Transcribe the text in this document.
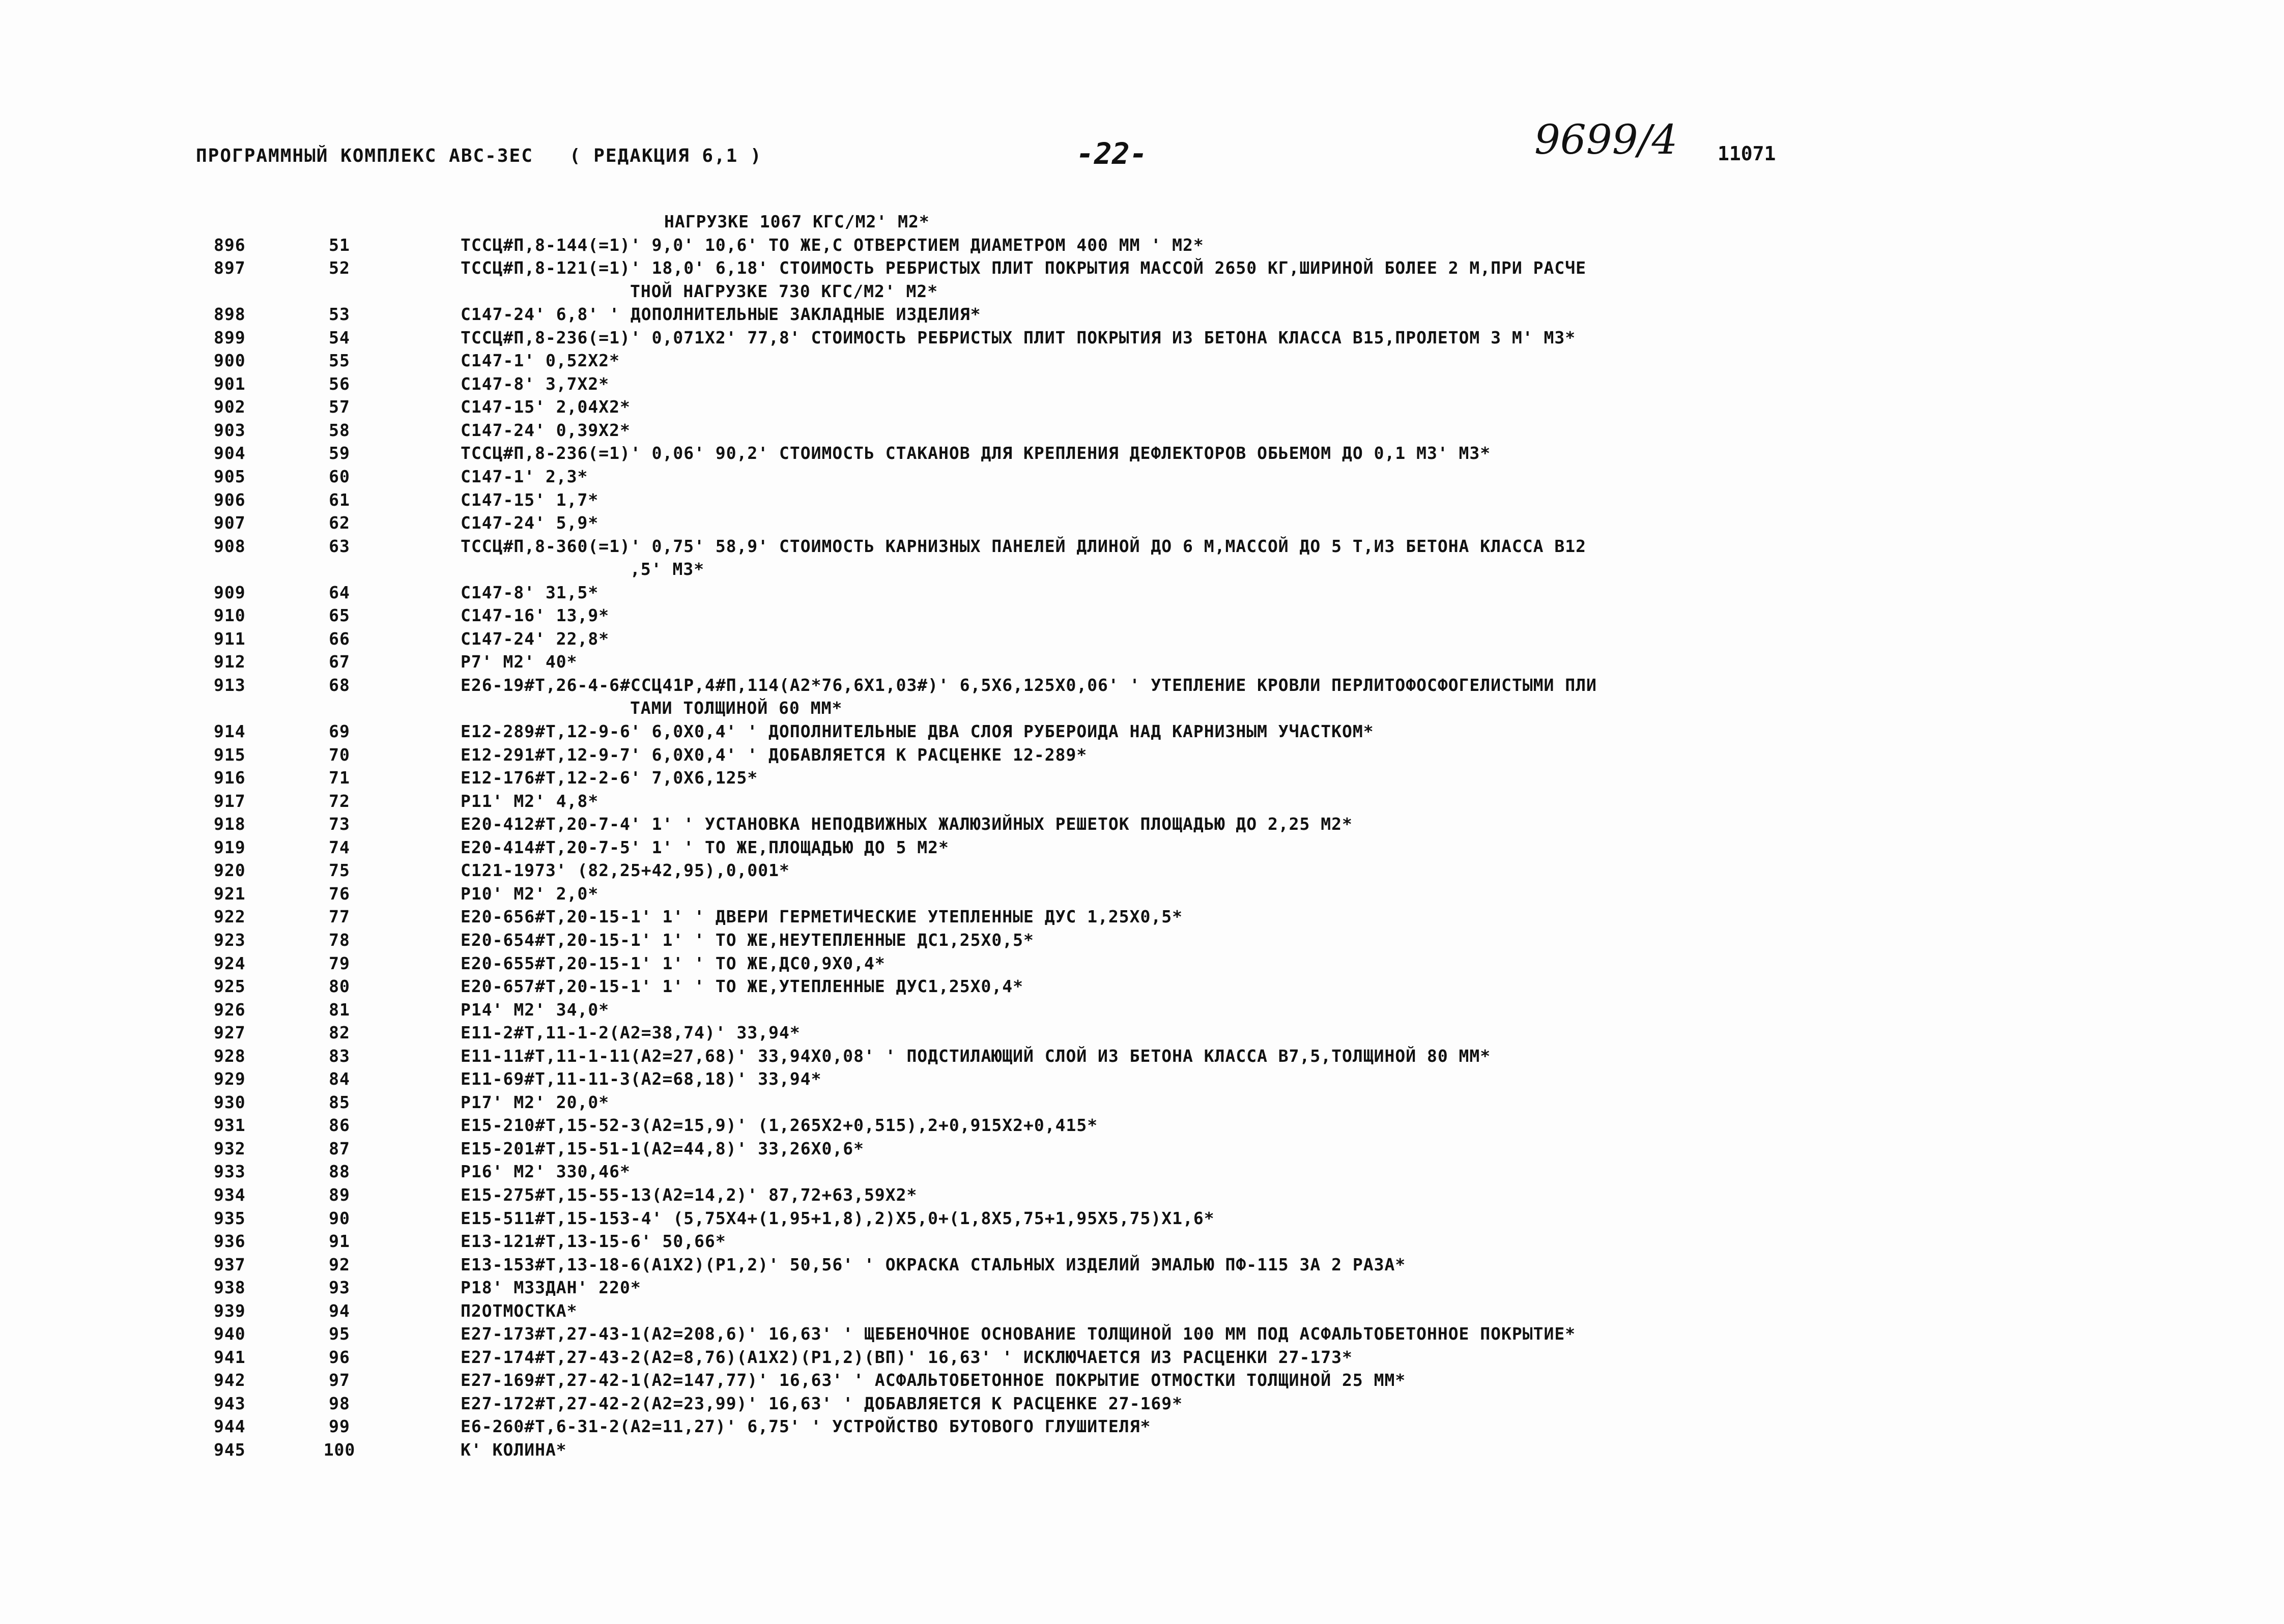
ПРОГРАММНЫЙ КОМПЛЕКС АВС-3ЕС ( РЕДАКЦИЯ 6,1 )	-22-	9699/4 11071
НАГРУЗКЕ 1067 КГС/М2' М2*
896	51	ТССЦ#П,8-144(=1)' 9,0' 10,6' ТО ЖЕ,С ОТВЕРСТИЕМ ДИАМЕТРОМ 400 ММ ' М2*
897	52	ТССЦ#П,8-121(=1)' 18,0' 6,18' СТОИМОСТЬ РЕБРИСТЫХ ПЛИТ ПОКРЫТИЯ МАССОЙ 2650 КГ,ШИРИНОЙ БОЛЕЕ 2 М,ПРИ РАСЧЕ
ТНОЙ НАГРУЗКЕ 730 КГС/М2' М2*
898	53	С147-24' 6,8' ' ДОПОЛНИТЕЛЬНЫЕ ЗАКЛАДНЫЕ ИЗДЕЛИЯ*
899	54	ТССЦ#П,8-236(=1)' 0,071Х2' 77,8' СТОИМОСТЬ РЕБРИСТЫХ ПЛИТ ПОКРЫТИЯ ИЗ БЕТОНА КЛАССА В15,ПРОЛЕТОМ 3 М' М3*
900	55	С147-1' 0,52Х2*
901	56	С147-8' 3,7Х2*
902	57	С147-15' 2,04Х2*
903	58	С147-24' 0,39Х2*
904	59	ТССЦ#П,8-236(=1)' 0,06' 90,2' СТОИМОСТЬ СТАКАНОВ ДЛЯ КРЕПЛЕНИЯ ДЕФЛЕКТОРОВ ОБЬЕМОМ ДО 0,1 М3' М3*
905	60	С147-1' 2,3*
906	61	С147-15' 1,7*
907	62	С147-24' 5,9*
908	63	ТССЦ#П,8-360(=1)' 0,75' 58,9' СТОИМОСТЬ КАРНИЗНЫХ ПАНЕЛЕЙ ДЛИНОЙ ДО 6 М,МАССОЙ ДО 5 Т,ИЗ БЕТОНА КЛАССА В12
,5' М3*
909	64	С147-8' 31,5*
910	65	С147-16' 13,9*
911	66	С147-24' 22,8*
912	67	Р7' М2' 40*
913	68	Е26-19#Т,26-4-6#ССЦ41Р,4#П,114(А2*76,6Х1,03#)' 6,5Х6,125Х0,06' ' УТЕПЛЕНИЕ КРОВЛИ ПЕРЛИТОФОСФОГЕЛИСТЫМИ ПЛИ
ТАМИ ТОЛЩИНОЙ 60 ММ*
914	69	Е12-289#Т,12-9-6' 6,0Х0,4' ' ДОПОЛНИТЕЛЬНЫЕ ДВА СЛОЯ РУБЕРОИДА НАД КАРНИЗНЫМ УЧАСТКОМ*
915	70	Е12-291#Т,12-9-7' 6,0Х0,4' ' ДОБАВЛЯЕТСЯ К РАСЦЕНКЕ 12-289*
916	71	Е12-176#Т,12-2-6' 7,0Х6,125*
917	72	Р11' М2' 4,8*
918	73	Е20-412#Т,20-7-4' 1' ' УСТАНОВКА НЕПОДВИЖНЫХ ЖАЛЮЗИЙНЫХ РЕШЕТОК ПЛОЩАДЬЮ ДО 2,25 М2*
919	74	Е20-414#Т,20-7-5' 1' ' ТО ЖЕ,ПЛОЩАДЬЮ ДО 5 М2*
920	75	С121-1973' (82,25+42,95),0,001*
921	76	Р10' М2' 2,0*
922	77	Е20-656#Т,20-15-1' 1' ' ДВЕРИ ГЕРМЕТИЧЕСКИЕ УТЕПЛЕННЫЕ ДУС 1,25Х0,5*
923	78	Е20-654#Т,20-15-1' 1' ' ТО ЖЕ,НЕУТЕПЛЕННЫЕ ДС1,25Х0,5*
924	79	Е20-655#Т,20-15-1' 1' ' ТО ЖЕ,ДС0,9Х0,4*
925	80	Е20-657#Т,20-15-1' 1' ' ТО ЖЕ,УТЕПЛЕННЫЕ ДУС1,25Х0,4*
926	81	Р14' М2' 34,0*
927	82	Е11-2#Т,11-1-2(А2=38,74)' 33,94*
928	83	Е11-11#Т,11-1-11(А2=27,68)' 33,94Х0,08' ' ПОДСТИЛАЮЩИЙ СЛОЙ ИЗ БЕТОНА КЛАССА В7,5,ТОЛЩИНОЙ 80 ММ*
929	84	Е11-69#Т,11-11-3(А2=68,18)' 33,94*
930	85	Р17' М2' 20,0*
931	86	Е15-210#Т,15-52-3(А2=15,9)' (1,265Х2+0,515),2+0,915Х2+0,415*
932	87	Е15-201#Т,15-51-1(А2=44,8)' 33,26Х0,6*
933	88	Р16' М2' 330,46*
934	89	Е15-275#Т,15-55-13(А2=14,2)' 87,72+63,59Х2*
935	90	Е15-511#Т,15-153-4' (5,75Х4+(1,95+1,8),2)Х5,0+(1,8Х5,75+1,95Х5,75)Х1,6*
936	91	Е13-121#Т,13-15-6' 50,66*
937	92	Е13-153#Т,13-18-6(А1Х2)(Р1,2)' 50,56' ' ОКРАСКА СТАЛЬНЫХ ИЗДЕЛИЙ ЭМАЛЬЮ ПФ-115 ЗА 2 РАЗА*
938	93	Р18' М3ЗДАН' 220*
939	94	П2ОТМОСТКА*
940	95	Е27-173#Т,27-43-1(А2=208,6)' 16,63' ' ЩЕБЕНОЧНОЕ ОСНОВАНИЕ ТОЛЩИНОЙ 100 ММ ПОД АСФАЛЬТОБЕТОННОЕ ПОКРЫТИЕ*
941	96	Е27-174#Т,27-43-2(А2=8,76)(А1Х2)(Р1,2)(ВП)' 16,63' ' ИСКЛЮЧАЕТСЯ ИЗ РАСЦЕНКИ 27-173*
942	97	Е27-169#Т,27-42-1(А2=147,77)' 16,63' ' АСФАЛЬТОБЕТОННОЕ ПОКРЫТИЕ ОТМОСТКИ ТОЛЩИНОЙ 25 ММ*
943	98	Е27-172#Т,27-42-2(А2=23,99)' 16,63' ' ДОБАВЛЯЕТСЯ К РАСЦЕНКЕ 27-169*
944	99	Е6-260#Т,6-31-2(А2=11,27)' 6,75' ' УСТРОЙСТВО БУТОВОГО ГЛУШИТЕЛЯ*
945	100	К' КОЛИНА*
